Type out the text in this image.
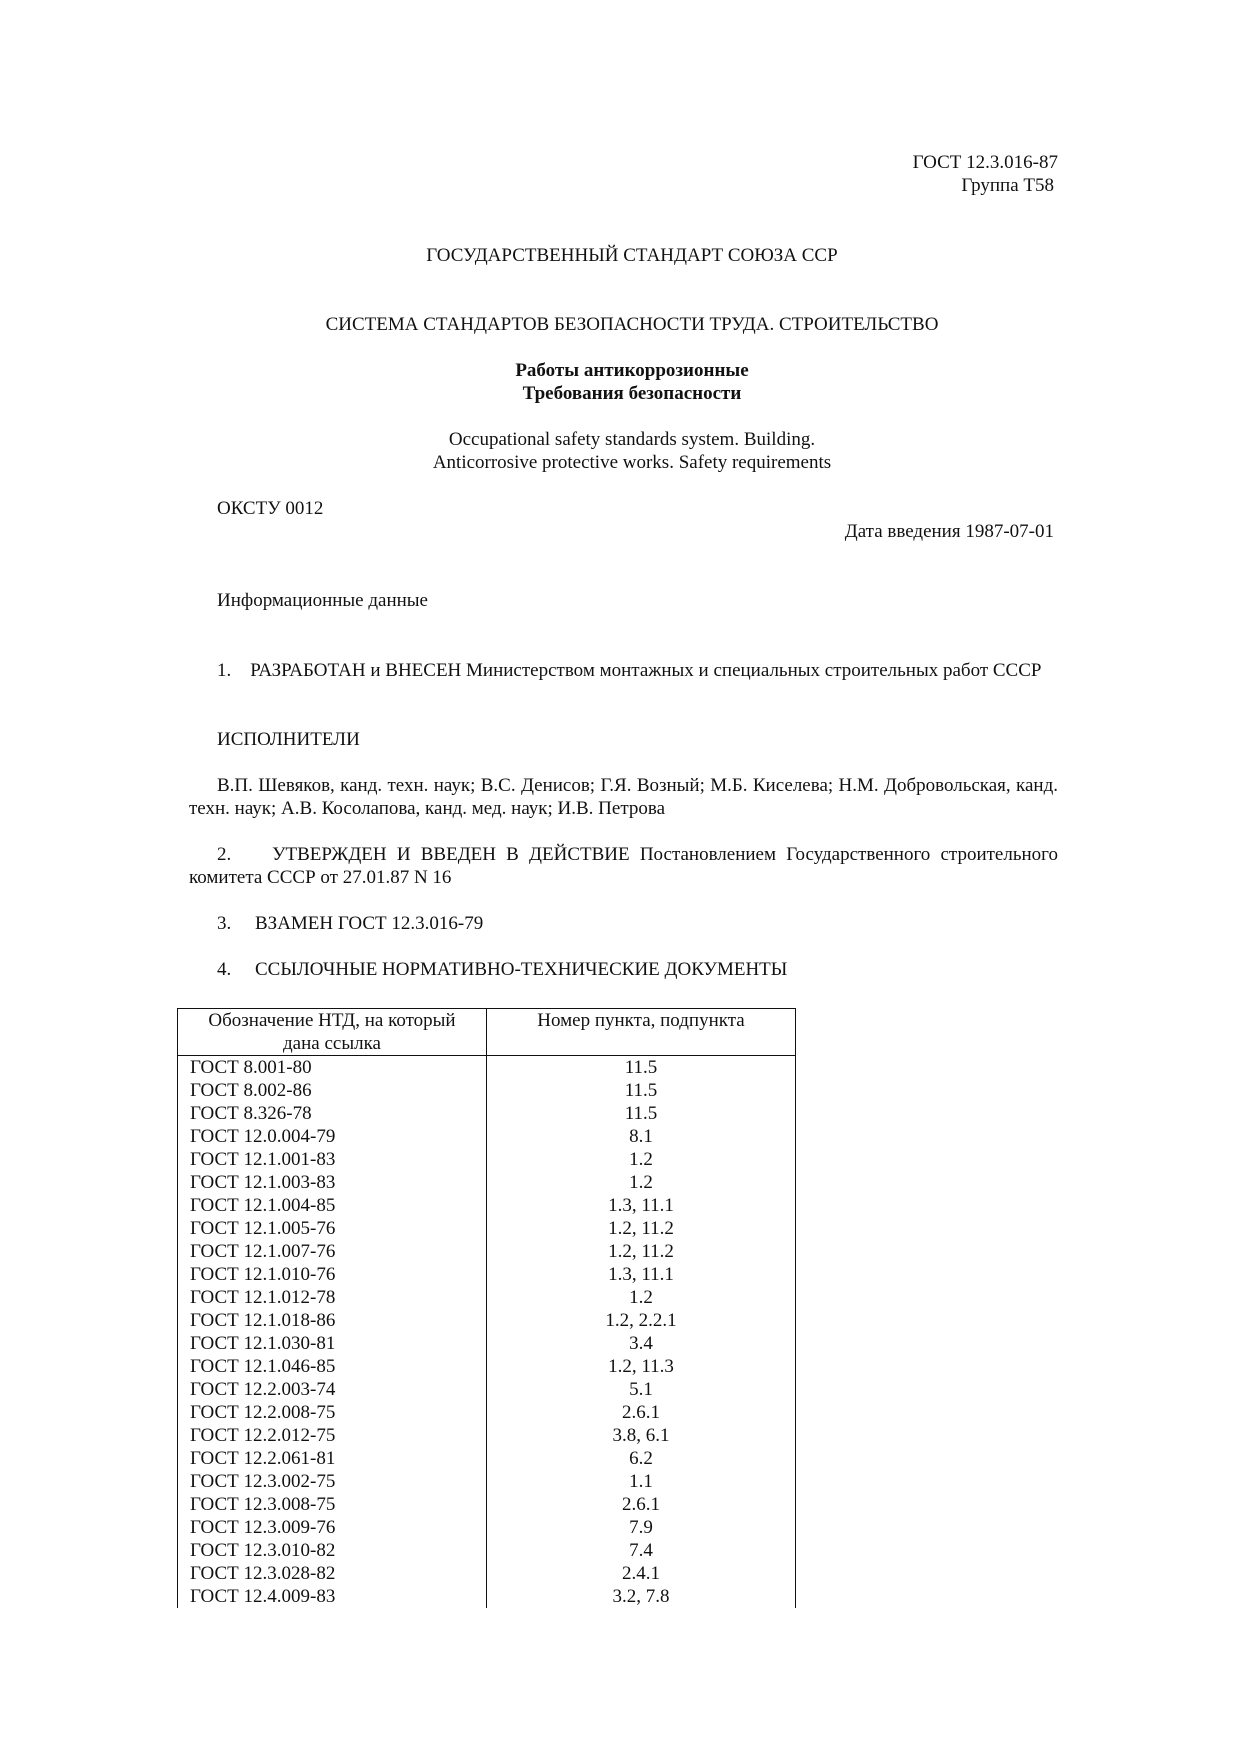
ГОСТ 12.3.016-87
Группа Т58
ГОСУДАРСТВЕННЫЙ СТАНДАРТ СОЮЗА ССР
СИСТЕМА СТАНДАРТОВ БЕЗОПАСНОСТИ ТРУДА. СТРОИТЕЛЬСТВО
Работы антикоррозионные
Требования безопасности
Occupational safety standards system. Building.
Anticorrosive protective works. Safety requirements
ОКСТУ 0012
Дата введения 1987-07-01
Информационные данные
1.    РАЗРАБОТАН и ВНЕСЕН Министерством монтажных и специальных строительных работ СССР
ИСПОЛНИТЕЛИ
В.П. Шевяков, канд. техн. наук; В.С. Денисов; Г.Я. Возный; М.Б. Киселева; Н.М. Добровольская, канд. техн. наук; А.В. Косолапова, канд. мед. наук; И.В. Петрова
2.    УТВЕРЖДЕН И ВВЕДЕН В ДЕЙСТВИЕ Постановлением Государственного строительного комитета СССР от 27.01.87 N 16
3.     ВЗАМЕН ГОСТ 12.3.016-79
4.     ССЫЛОЧНЫЕ НОРМАТИВНО-ТЕХНИЧЕСКИЕ ДОКУМЕНТЫ
Обозначение НТД, на который дана ссылка	Номер пункта, подпункта
ГОСТ 8.001-80	11.5
ГОСТ 8.002-86	11.5
ГОСТ 8.326-78	11.5
ГОСТ 12.0.004-79	8.1
ГОСТ 12.1.001-83	1.2
ГОСТ 12.1.003-83	1.2
ГОСТ 12.1.004-85	1.3, 11.1
ГОСТ 12.1.005-76	1.2, 11.2
ГОСТ 12.1.007-76	1.2, 11.2
ГОСТ 12.1.010-76	1.3, 11.1
ГОСТ 12.1.012-78	1.2
ГОСТ 12.1.018-86	1.2, 2.2.1
ГОСТ 12.1.030-81	3.4
ГОСТ 12.1.046-85	1.2, 11.3
ГОСТ 12.2.003-74	5.1
ГОСТ 12.2.008-75	2.6.1
ГОСТ 12.2.012-75	3.8, 6.1
ГОСТ 12.2.061-81	6.2
ГОСТ 12.3.002-75	1.1
ГОСТ 12.3.008-75	2.6.1
ГОСТ 12.3.009-76	7.9
ГОСТ 12.3.010-82	7.4
ГОСТ 12.3.028-82	2.4.1
ГОСТ 12.4.009-83	3.2, 7.8
